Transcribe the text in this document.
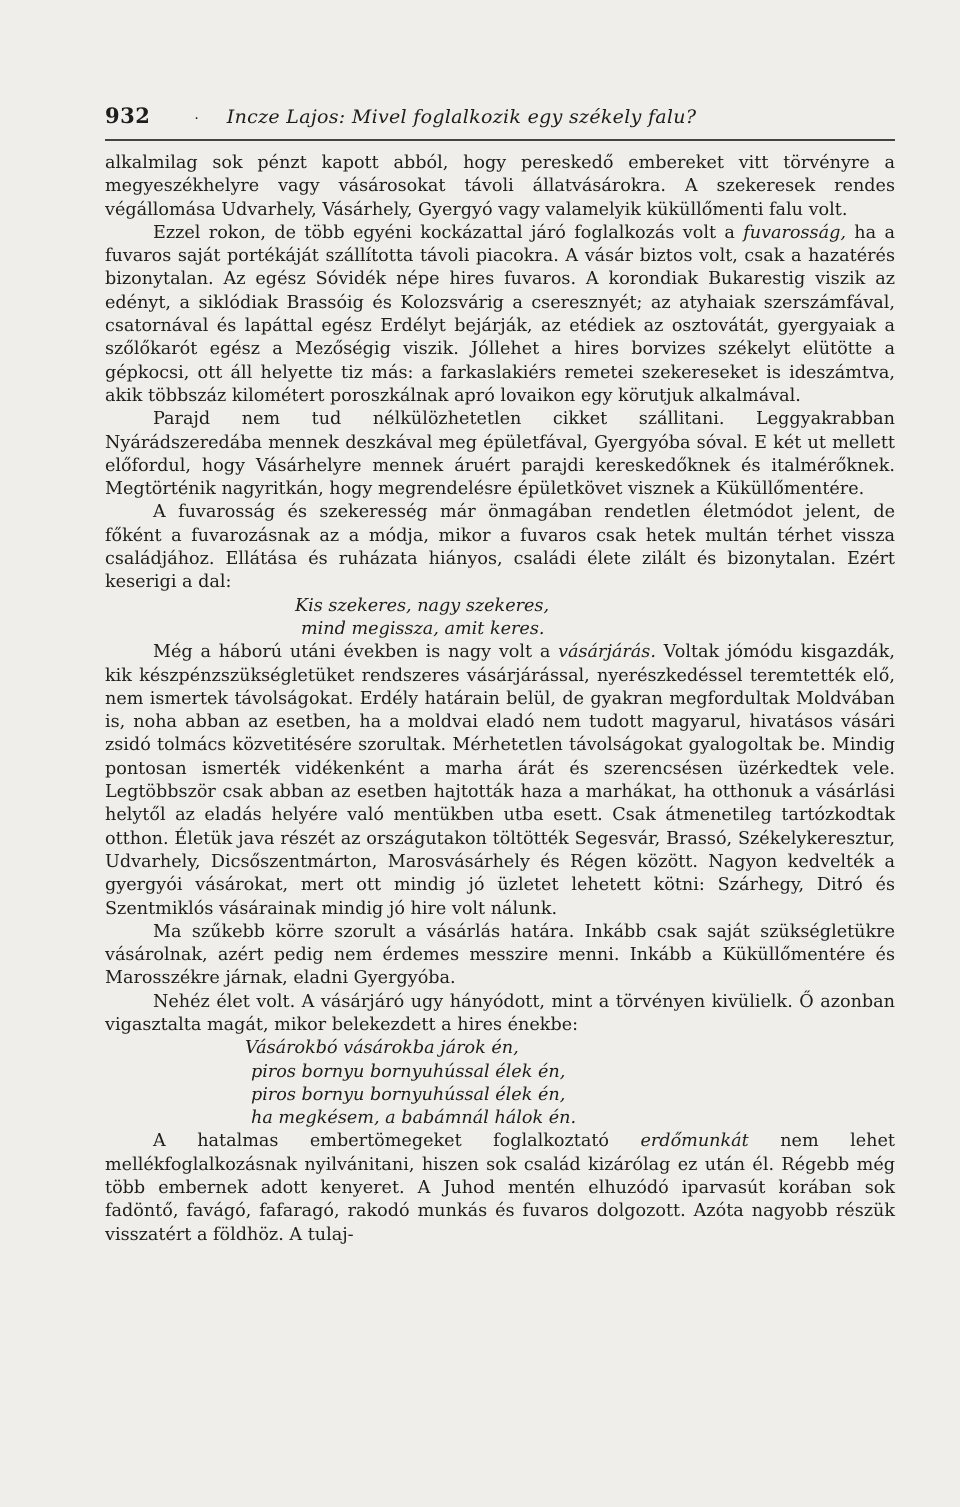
932	· Incze Lajos: Mivel foglalkozik egy székely falu?

alkalmilag sok pénzt kapott abból, hogy pereskedő embereket vitt törvényre a megyeszékhelyre vagy vásárosokat távoli állatvásárokra. A szekeresek rendes végállomása Udvarhely, Vásárhely, Gyergyó vagy valamelyik küküllőmenti falu volt.

Ezzel rokon, de több egyéni kockázattal járó foglalkozás volt a fuvarosság, ha a fuvaros saját portékáját szállította távoli piacokra. A vásár biztos volt, csak a hazatérés bizonytalan. Az egész Sóvidék népe hires fuvaros. A korondiak Bukarestig viszik az edényt, a siklódiak Brassóig és Kolozsvárig a cseresznyét; az atyhaiak szerszámfával, csatornával és lapáttal egész Erdélyt bejárják, az etédiek az osztovátát, gyergyaiak a szőlőkarót egész a Mezőségig viszik. Jóllehet a hires borvizes székelyt elütötte a gépkocsi, ott áll helyette tiz más: a farkaslakiérs remetei szekereseket is ideszámtva, akik többszáz kilométert poroszkálnak apró lovaikon egy körutjuk alkalmával.

Parajd nem tud nélkülözhetetlen cikket szállitani. Leggyakrabban Nyárádszeredába mennek deszkával meg épületfával, Gyergyóba sóval. E két ut mellett előfordul, hogy Vásárhelyre mennek áruért parajdi kereskedőknek és italmérőknek. Megtörténik nagyritkán, hogy megrendelésre épületkövet visznek a Küküllőmentére.

A fuvarosság és szekeresség már önmagában rendetlen életmódot jelent, de főként a fuvarozásnak az a módja, mikor a fuvaros csak hetek multán térhet vissza családjához. Ellátása és ruházata hiányos, családi élete zilált és bizonytalan. Ezért keserigi a dal:

Kis szekeres, nagy szekeres,
mind megissza, amit keres.

Még a háború utáni években is nagy volt a vásárjárás. Voltak jómódu kisgazdák, kik készpénzszükségletüket rendszeres vásárjárással, nyerészkedéssel teremtették elő, nem ismertek távolságokat. Erdély határain belül, de gyakran megfordultak Moldvában is, noha abban az esetben, ha a moldvai eladó nem tudott magyarul, hivatásos vásári zsidó tolmács közvetitésére szorultak. Mérhetetlen távolságokat gyalogoltak be. Mindig pontosan ismerték vidékenként a marha árát és szerencsésen üzérkedtek vele. Legtöbbször csak abban az esetben hajtották haza a marhákat, ha otthonuk a vásárlási helytől az eladás helyére való mentükben utba esett. Csak átmenetileg tartózkodtak otthon. Életük java részét az országutakon töltötték Segesvár, Brassó, Székelykeresztur, Udvarhely, Dicsőszentmárton, Marosvásárhely és Régen között. Nagyon kedvelték a gyergyói vásárokat, mert ott mindig jó üzletet lehetett kötni: Szárhegy, Ditró és Szentmiklós vásárainak mindig jó hire volt nálunk.

Ma szűkebb körre szorult a vásárlás határa. Inkább csak saját szükségletükre vásárolnak, azért pedig nem érdemes messzire menni. Inkább a Küküllőmentére és Marosszékre járnak, eladni Gyergyóba.

Nehéz élet volt. A vásárjáró ugy hányódott, mint a törvényen kivülielk. Ő azonban vigasztalta magát, mikor belekezdett a hires énekbe:

Vásárokbó vásárokba járok én,
piros bornyu bornyuhússal élek én,
piros bornyu bornyuhússal élek én,
ha megkésem, a babámnál hálok én.

A hatalmas embertömegeket foglalkoztató erdőmunkát nem lehet mellékfoglalkozásnak nyilvánitani, hiszen sok család kizárólag ez után él. Régebb még több embernek adott kenyeret. A Juhod mentén elhuzódó iparvasút korában sok fadöntő, favágó, fafaragó, rakodó munkás és fuvaros dolgozott. Azóta nagyobb részük visszatért a földhöz. A tulaj-
